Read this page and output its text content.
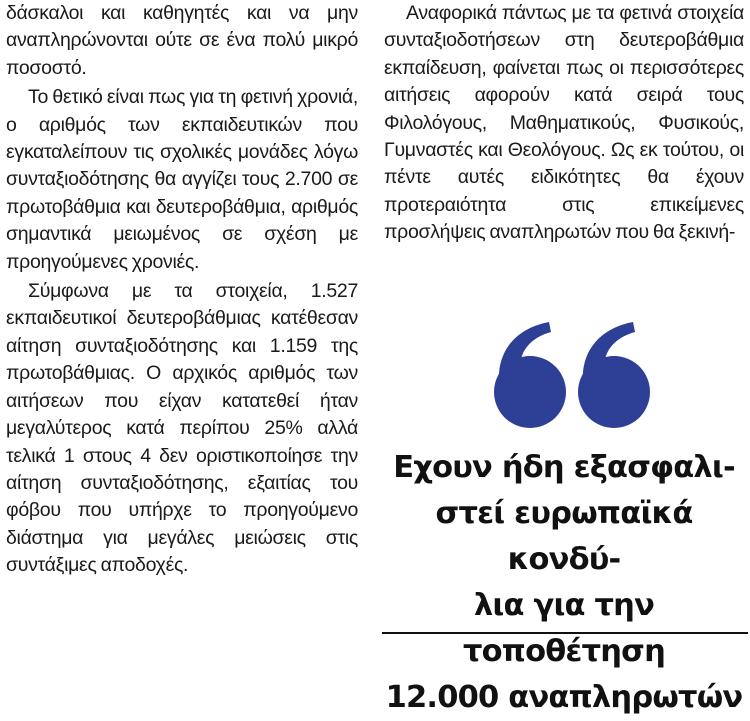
δάσκαλοι και καθηγητές και να μην αναπληρώνονται ούτε σε ένα πολύ μικρό ποσοστό.

Το θετικό είναι πως για τη φετινή χρονιά, ο αριθμός των εκπαιδευτικών που εγκαταλείπουν τις σχολικές μονάδες λόγω συνταξιοδότησης θα αγγίζει τους 2.700 σε πρωτοβάθμια και δευτεροβάθμια, αριθμός σημαντικά μειωμένος σε σχέση με προηγούμενες χρονιές.

Σύμφωνα με τα στοιχεία, 1.527 εκπαιδευτικοί δευτεροβάθμιας κατέθεσαν αίτηση συνταξιοδότησης και 1.159 της πρωτοβάθμιας. Ο αρχικός αριθμός των αιτήσεων που είχαν κατατεθεί ήταν μεγαλύτερος κατά περίπου 25% αλλά τελικά 1 στους 4 δεν οριστικοποίησε την αίτηση συνταξιοδότησης, εξαιτίας του φόβου που υπήρχε το προηγούμενο διάστημα για μεγάλες μειώσεις στις συντάξιμες αποδοχές.

Αναφορικά πάντως με τα φετινά στοιχεία συνταξιοδοτήσεων στη δευτεροβάθμια εκπαίδευση, φαίνεται πως οι περισσότερες αιτήσεις αφορούν κατά σειρά τους Φιλολόγους, Μαθηματικούς, Φυσικούς, Γυμναστές και Θεολόγους. Ως εκ τούτου, οι πέντε αυτές ειδικότητες θα έχουν προτεραιότητα στις επικείμενες προσλήψεις αναπληρωτών που θα ξεκινή-

Εχουν ήδη εξασφαλι-
στεί ευρωπαϊκά κονδύ-
λια για την τοποθέτηση
12.000 αναπληρωτών
